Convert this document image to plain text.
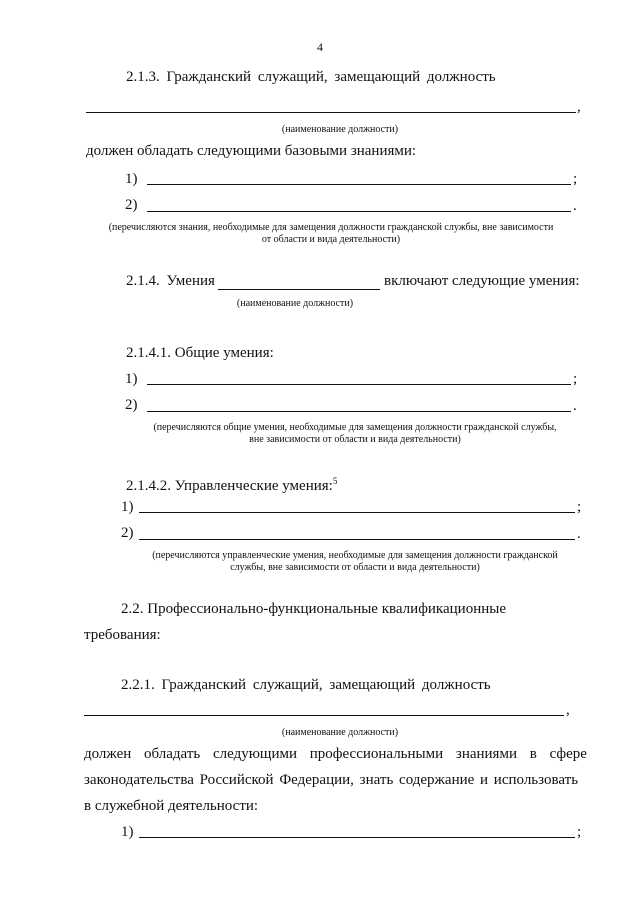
4
2.1.3. Гражданский служащий, замещающий должность
,
(наименование должности)
должен обладать следующими базовыми знаниями:
1)	;
2)	.
(перечисляются знания, необходимые для замещения должности гражданской службы, вне зависимости
от области и вида деятельности)
2.1.4. Умения	включают следующие умения:
(наименование должности)
2.1.4.1. Общие умения:
1)	;
2)	.
(перечисляются общие умения, необходимые для замещения должности гражданской службы,
вне зависимости от области и вида деятельности)
2.1.4.2. Управленческие умения:$^5$
1)	;
2)	.
(перечисляются управленческие умения, необходимые для замещения должности гражданской
службы, вне зависимости от области и вида деятельности)
2.2. Профессионально-функциональные квалификационные
требования:
2.2.1. Гражданский служащий, замещающий должность
,
(наименование должности)
должен обладать следующими профессиональными знаниями в сфере
законодательства Российской Федерации, знать содержание и использовать
в служебной деятельности:
1)	;
